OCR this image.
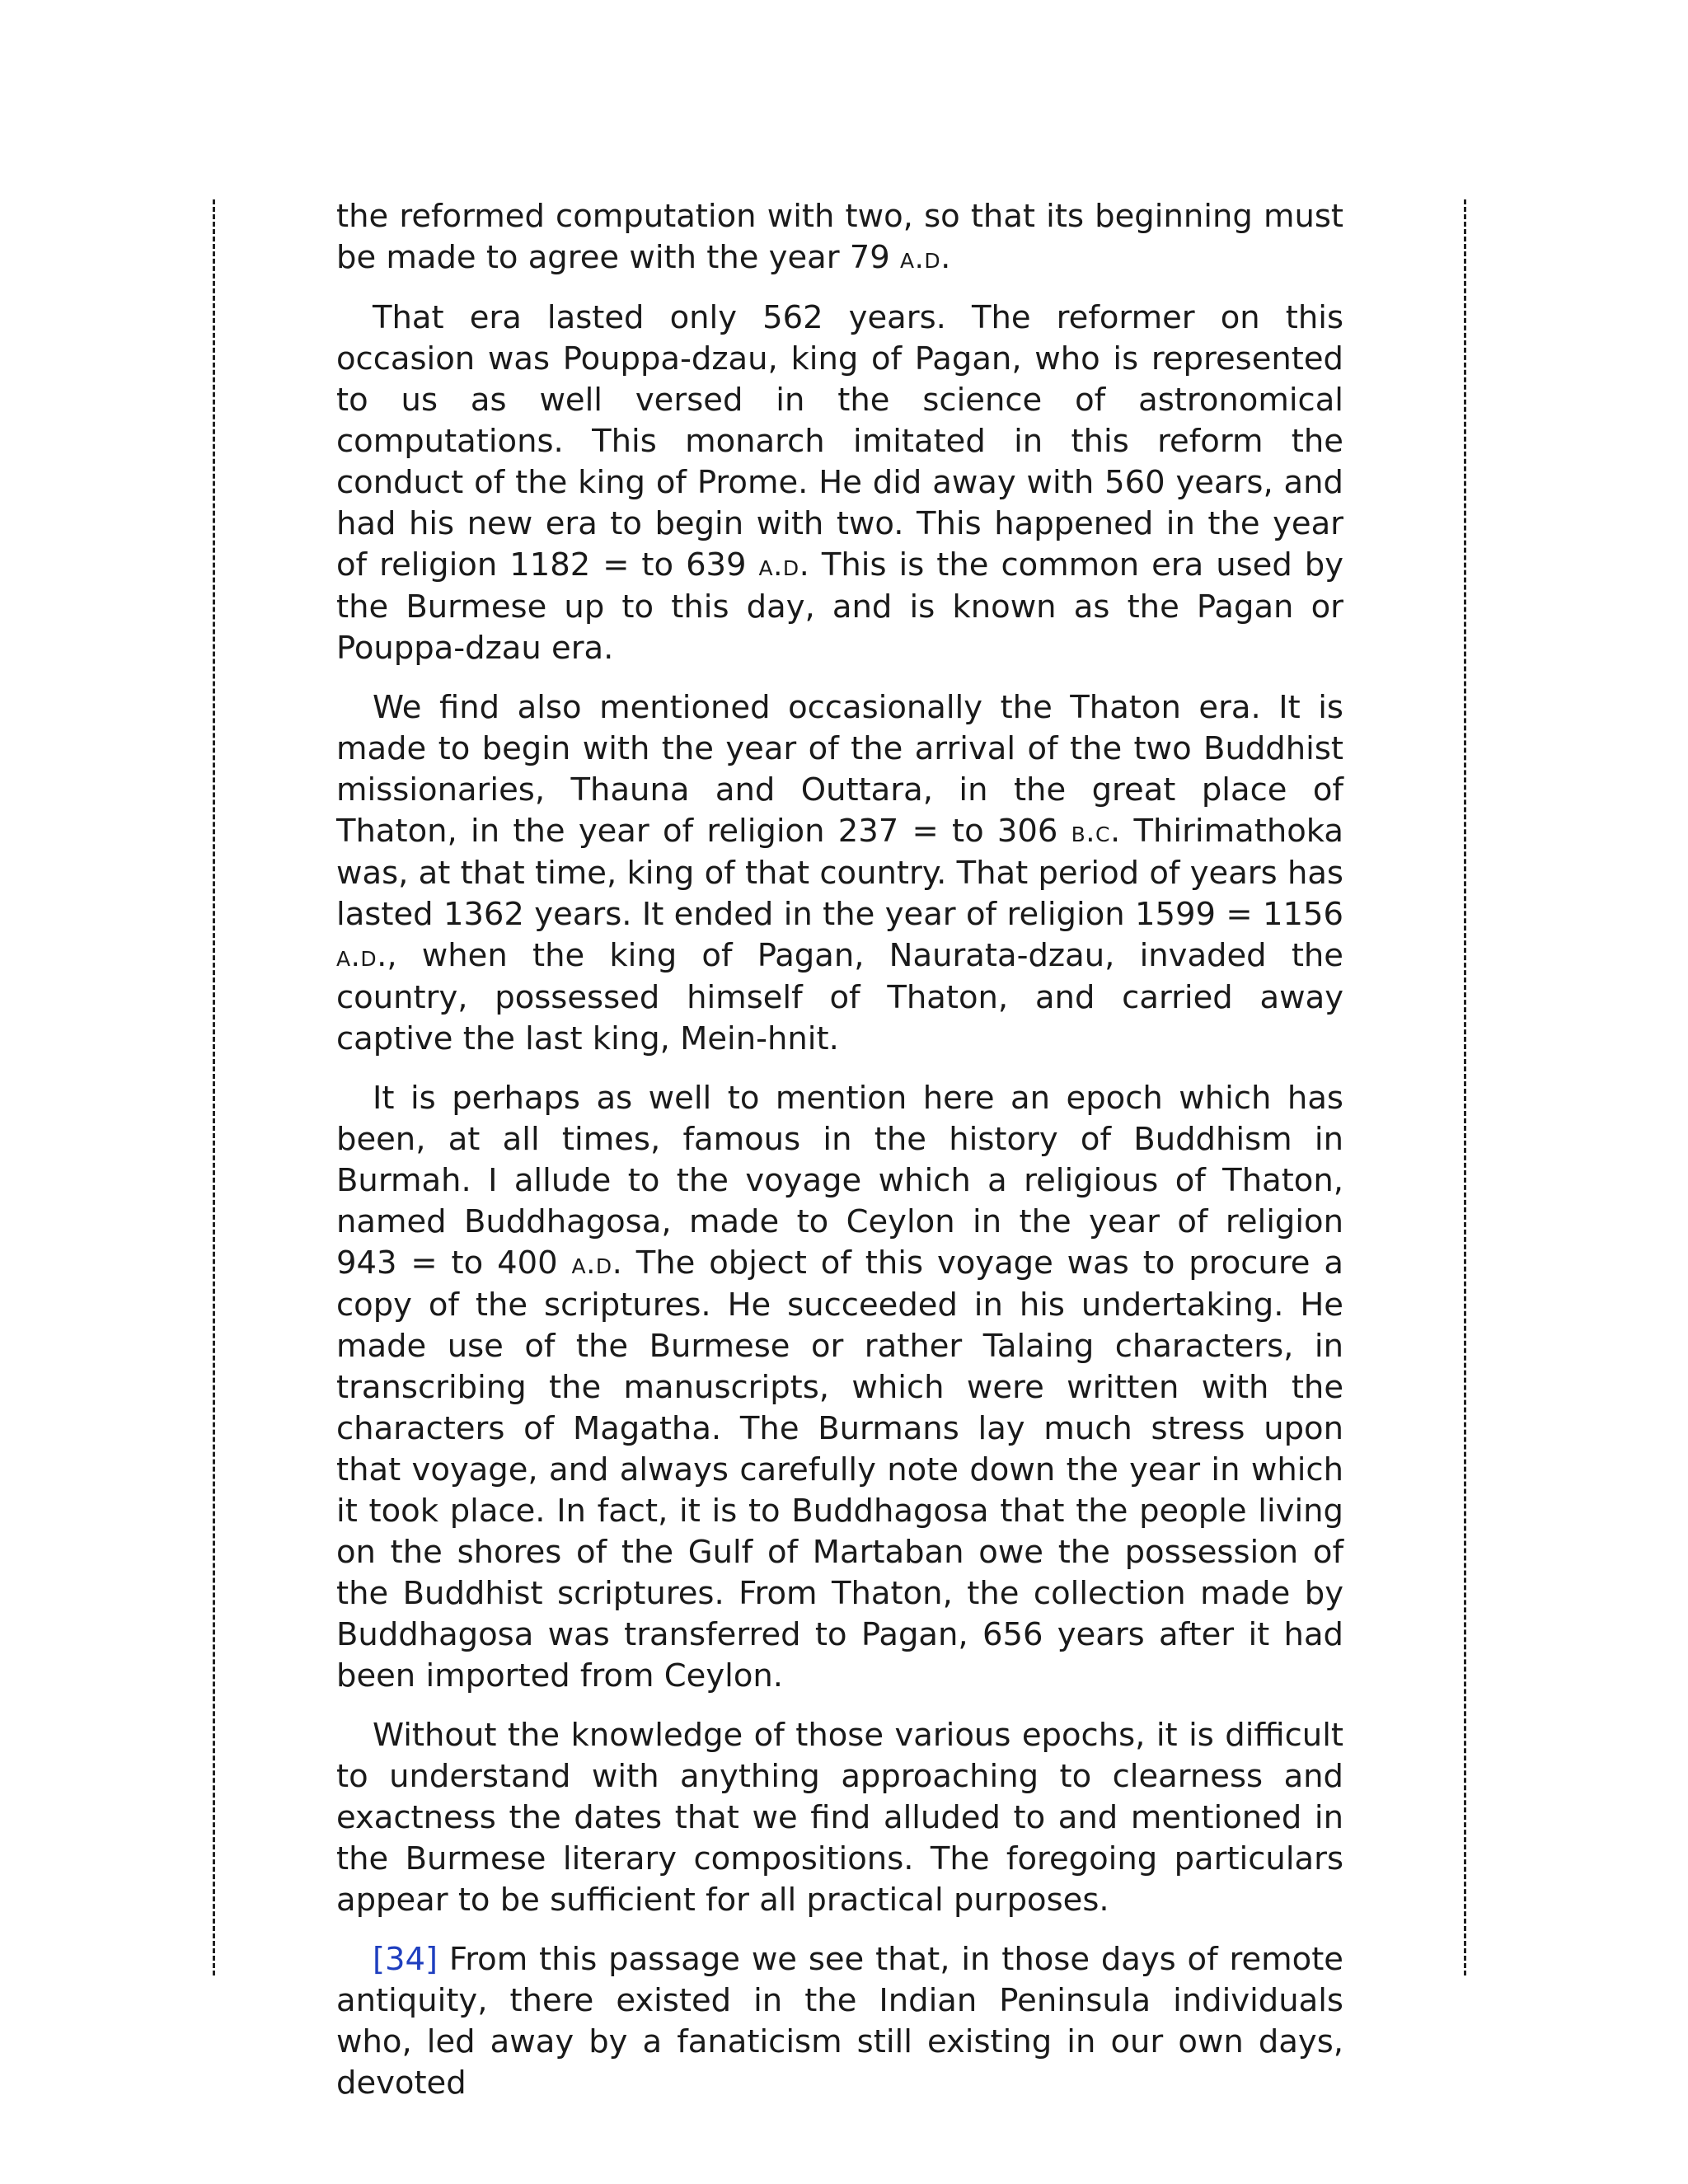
the reformed computation with two, so that its beginning must be made to agree with the year 79 a.d.

That era lasted only 562 years. The reformer on this occasion was Pouppa-dzau, king of Pagan, who is represented to us as well versed in the science of astronomical computations. This monarch imitated in this reform the conduct of the king of Prome. He did away with 560 years, and had his new era to begin with two. This happened in the year of religion 1182 = to 639 a.d. This is the common era used by the Burmese up to this day, and is known as the Pagan or Pouppa-dzau era.

We find also mentioned occasionally the Thaton era. It is made to begin with the year of the arrival of the two Buddhist missionaries, Thauna and Outtara, in the great place of Thaton, in the year of religion 237 = to 306 b.c. Thirimathoka was, at that time, king of that country. That period of years has lasted 1362 years. It ended in the year of religion 1599 = 1156 a.d., when the king of Pagan, Naurata-dzau, invaded the country, possessed himself of Thaton, and carried away captive the last king, Mein-hnit.

It is perhaps as well to mention here an epoch which has been, at all times, famous in the history of Buddhism in Burmah. I allude to the voyage which a religious of Thaton, named Buddhagosa, made to Ceylon in the year of religion 943 = to 400 a.d. The object of this voyage was to procure a copy of the scriptures. He succeeded in his undertaking. He made use of the Burmese or rather Talaing characters, in transcribing the manuscripts, which were written with the characters of Magatha. The Burmans lay much stress upon that voyage, and always carefully note down the year in which it took place. In fact, it is to Buddhagosa that the people living on the shores of the Gulf of Martaban owe the possession of the Buddhist scriptures. From Thaton, the collection made by Buddhagosa was transferred to Pagan, 656 years after it had been imported from Ceylon.

Without the knowledge of those various epochs, it is difficult to understand with anything approaching to clearness and exactness the dates that we find alluded to and mentioned in the Burmese literary compositions. The foregoing particulars appear to be sufficient for all practical purposes.

[34] From this passage we see that, in those days of remote antiquity, there existed in the Indian Peninsula individuals who, led away by a fanaticism still existing in our own days, devoted
